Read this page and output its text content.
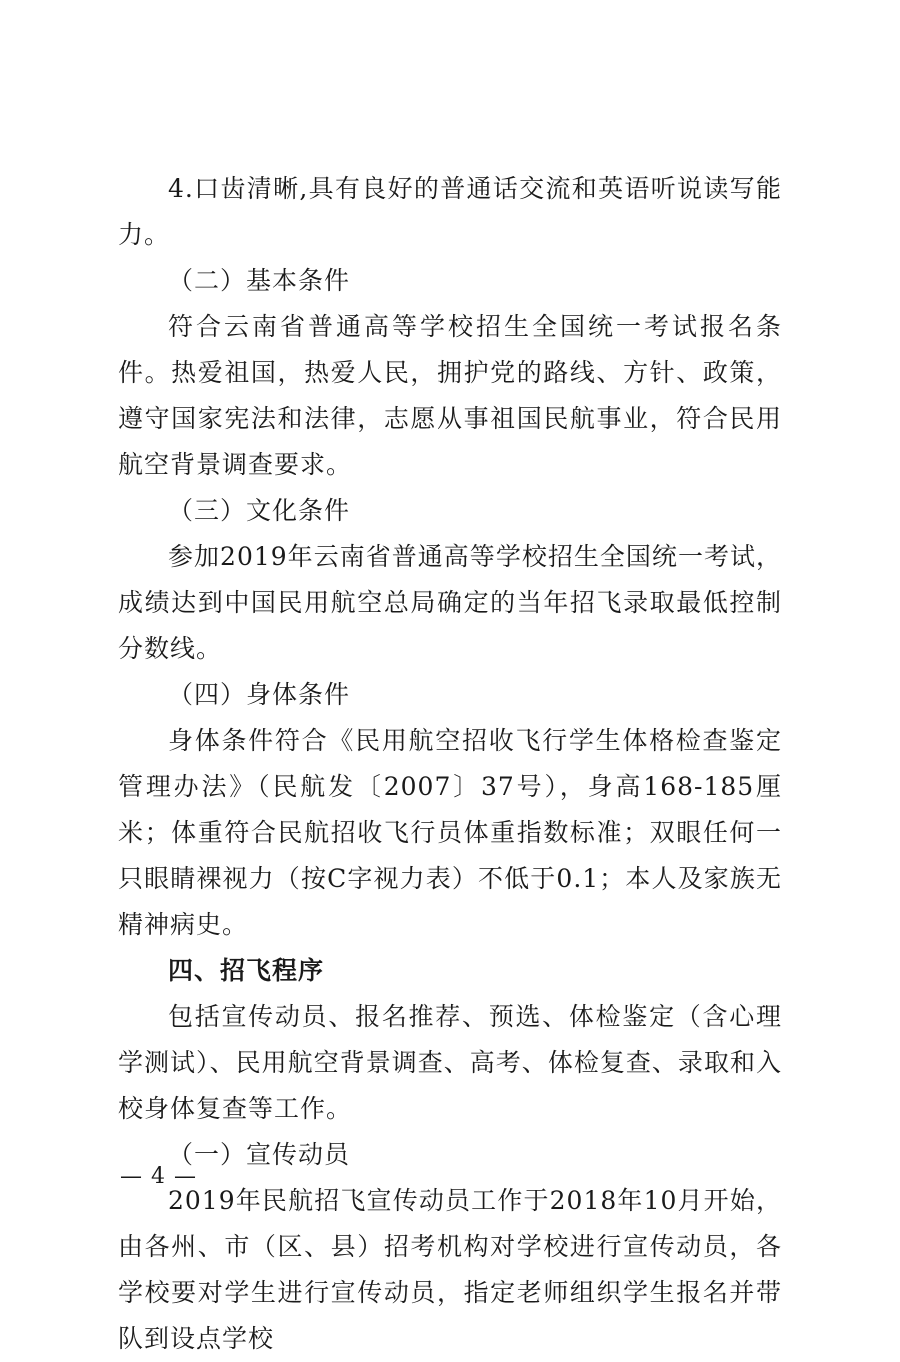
4.口齿清晰,具有良好的普通话交流和英语听说读写能力。

（二）基本条件

符合云南省普通高等学校招生全国统一考试报名条件。热爱祖国，热爱人民，拥护党的路线、方针、政策，遵守国家宪法和法律，志愿从事祖国民航事业，符合民用航空背景调查要求。

（三）文化条件

参加2019年云南省普通高等学校招生全国统一考试，成绩达到中国民用航空总局确定的当年招飞录取最低控制分数线。

（四）身体条件

身体条件符合《民用航空招收飞行学生体格检查鉴定管理办法》（民航发〔2007〕37号），身高168-185厘米；体重符合民航招收飞行员体重指数标准；双眼任何一只眼睛裸视力（按C字视力表）不低于0.1；本人及家族无精神病史。

四、招飞程序

包括宣传动员、报名推荐、预选、体检鉴定（含心理学测试）、民用航空背景调查、高考、体检复查、录取和入校身体复查等工作。

（一）宣传动员

2019年民航招飞宣传动员工作于2018年10月开始，由各州、市（区、县）招考机构对学校进行宣传动员，各学校要对学生进行宣传动员，指定老师组织学生报名并带队到设点学校

— 4 —
